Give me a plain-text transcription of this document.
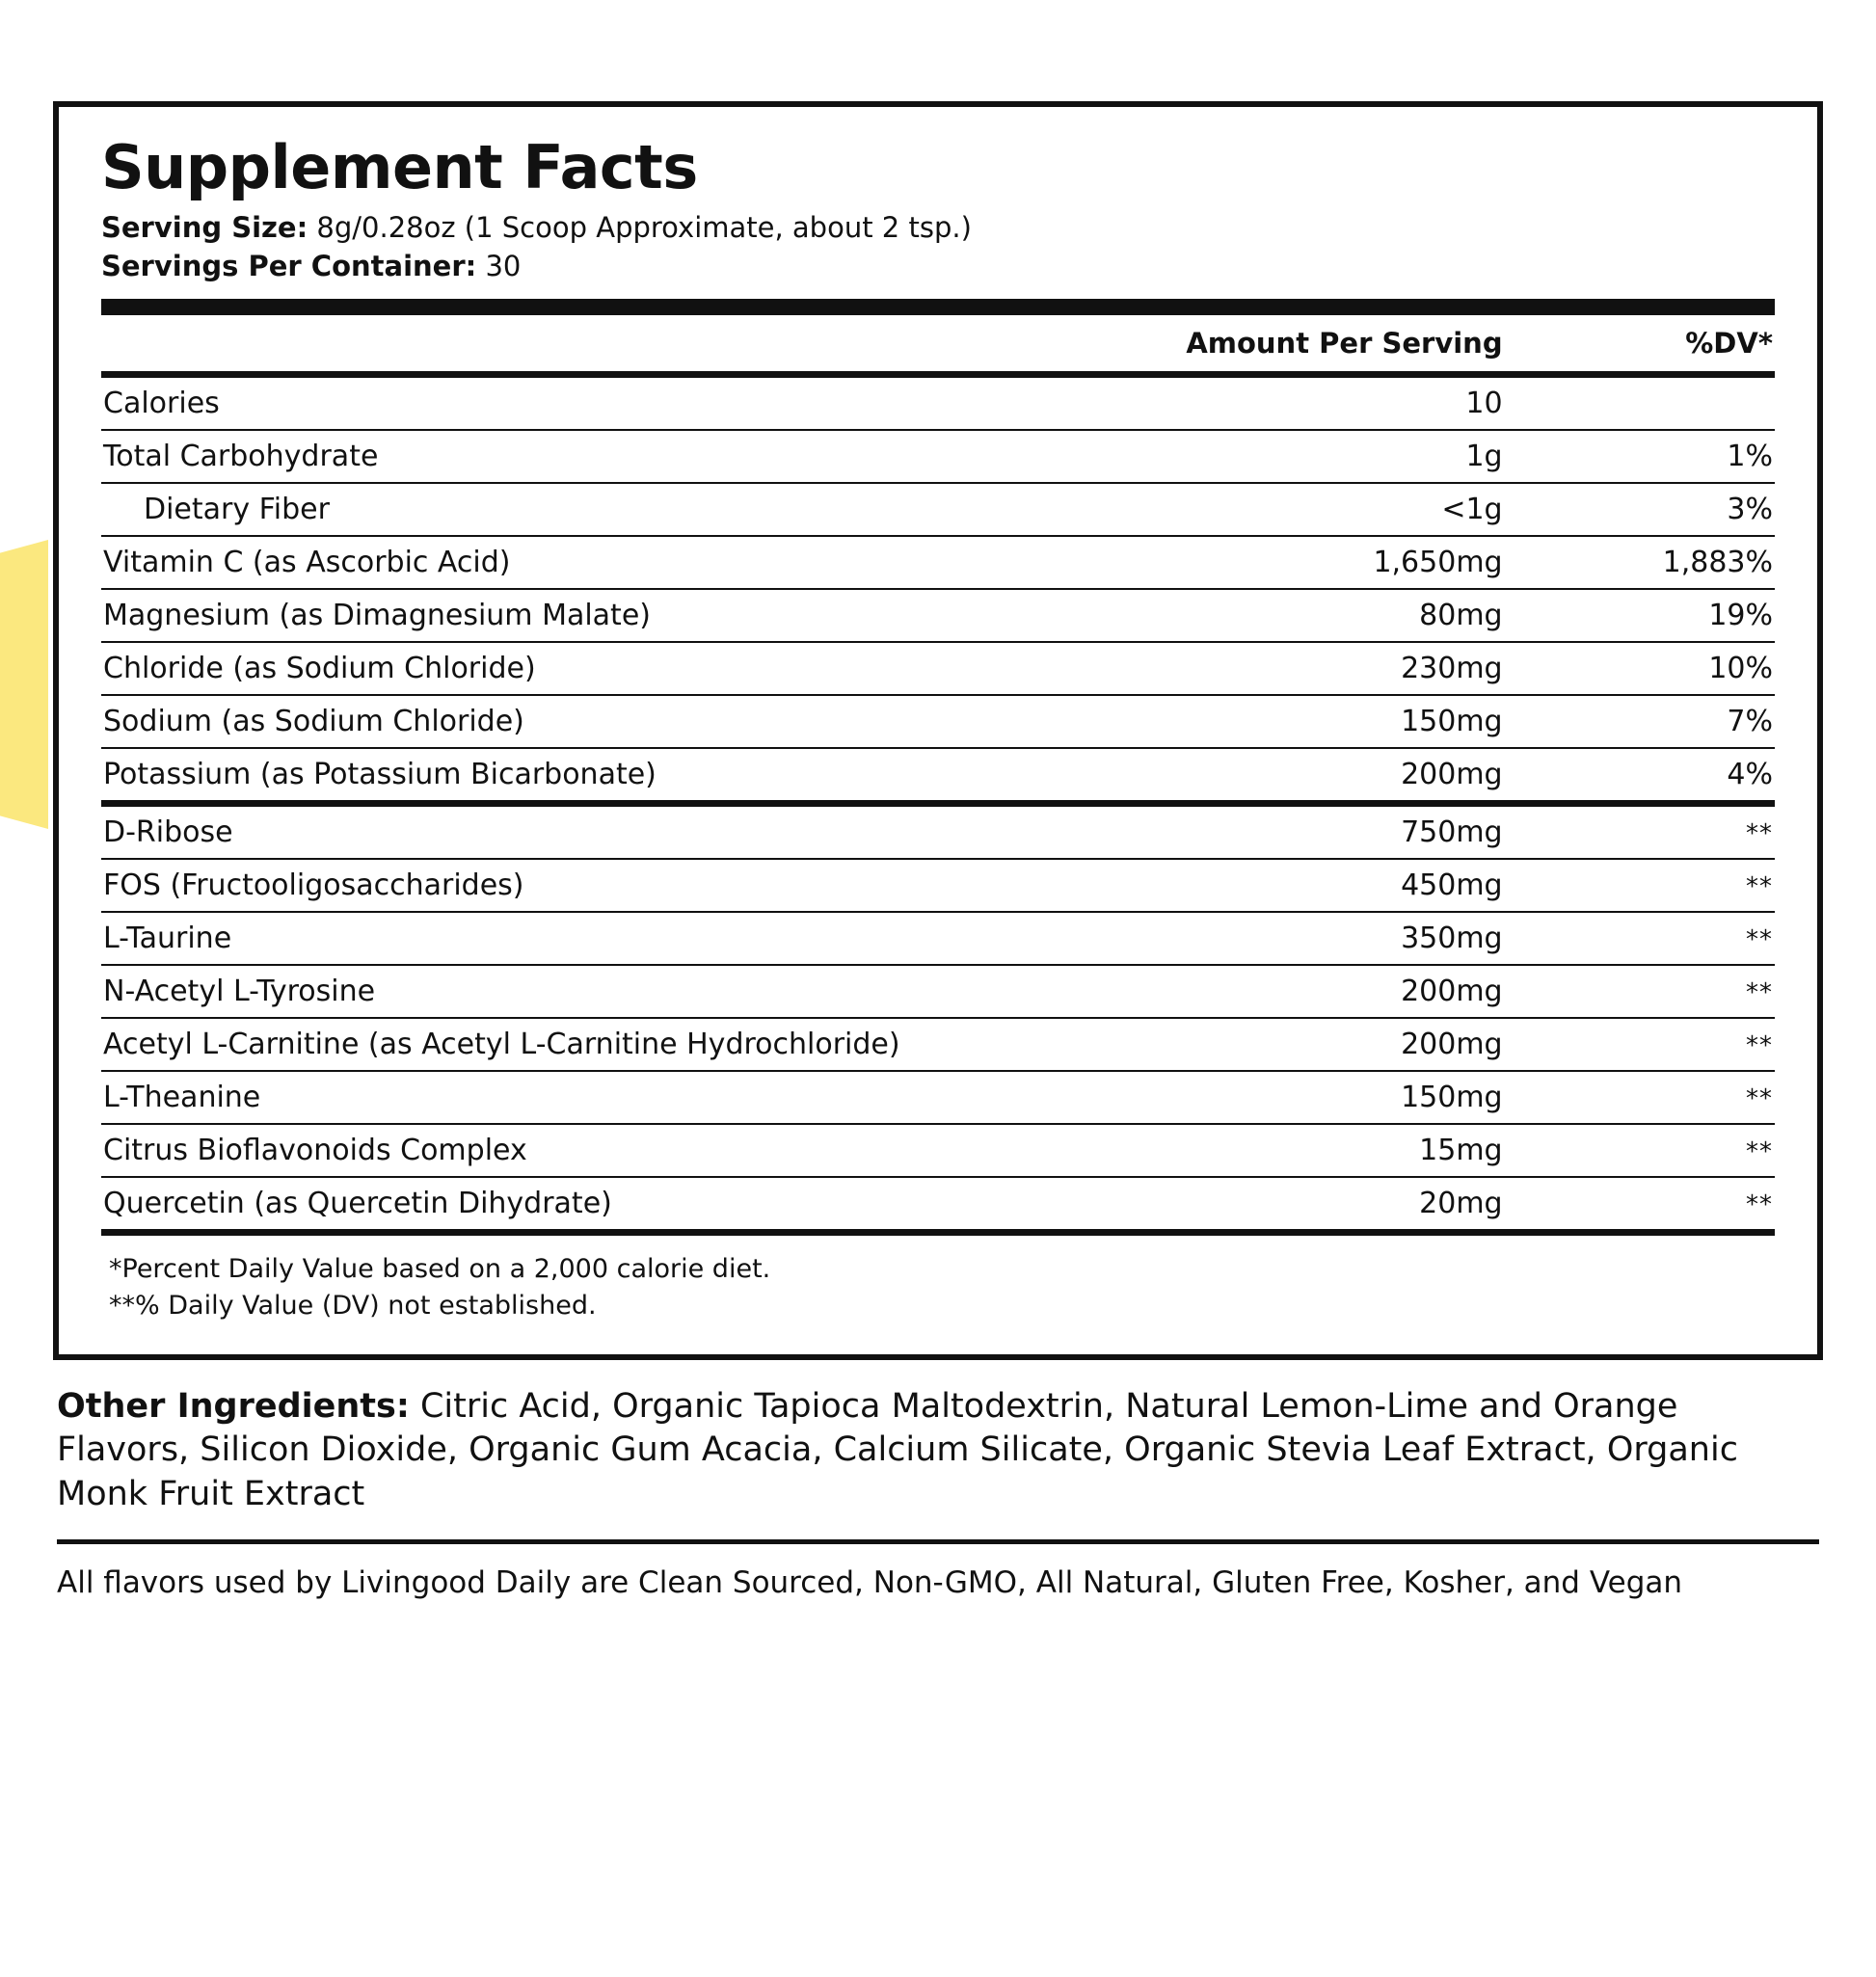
Supplement Facts
Serving Size: 8g/0.28oz (1 Scoop Approximate, about 2 tsp.)
Servings Per Container: 30
	Amount Per Serving	%DV*
Calories	10	
Total Carbohydrate	1g	1%
Dietary Fiber	<1g	3%
Vitamin C (as Ascorbic Acid)	1,650mg	1,883%
Magnesium (as Dimagnesium Malate)	80mg	19%
Chloride (as Sodium Chloride)	230mg	10%
Sodium (as Sodium Chloride)	150mg	7%
Potassium (as Potassium Bicarbonate)	200mg	4%
D-Ribose	750mg	**
FOS (Fructooligosaccharides)	450mg	**
L-Taurine	350mg	**
N-Acetyl L-Tyrosine	200mg	**
Acetyl L-Carnitine (as Acetyl L-Carnitine Hydrochloride)	200mg	**
L-Theanine	150mg	**
Citrus Bioflavonoids Complex	15mg	**
Quercetin (as Quercetin Dihydrate)	20mg	**
*Percent Daily Value based on a 2,000 calorie diet.
**% Daily Value (DV) not established.
Other Ingredients: Citric Acid, Organic Tapioca Maltodextrin, Natural Lemon-Lime and Orange Flavors, Silicon Dioxide, Organic Gum Acacia, Calcium Silicate, Organic Stevia Leaf Extract, Organic Monk Fruit Extract
All flavors used by Livingood Daily are Clean Sourced, Non-GMO, All Natural, Gluten Free, Kosher, and Vegan
